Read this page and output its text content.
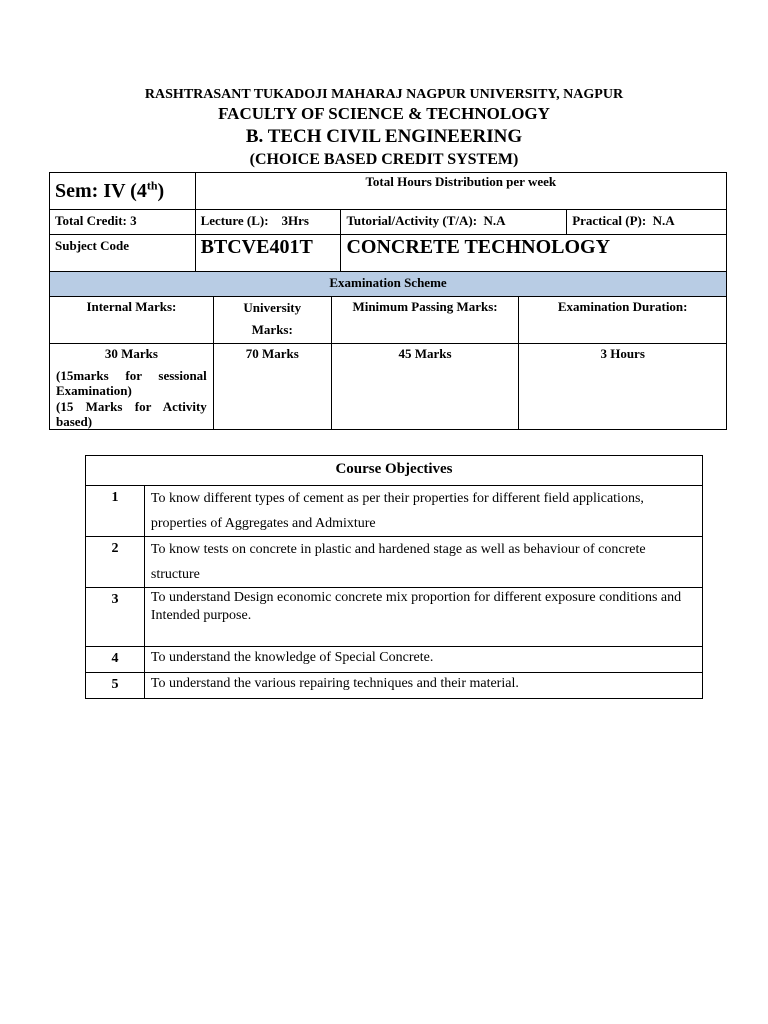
RASHTRASANT TUKADOJI MAHARAJ NAGPUR UNIVERSITY, NAGPUR
FACULTY OF SCIENCE & TECHNOLOGY
B. TECH CIVIL ENGINEERING
(CHOICE BASED CREDIT SYSTEM)
Sem: IV (4th)	Total Hours Distribution per week		
Total Credit: 3	Lecture (L):    3Hrs	Tutorial/Activity (T/A):  N.A	Practical (P):  N.A
Subject Code	BTCVE401T	CONCRETE TECHNOLOGY	
Examination Scheme			
Internal Marks:	University Marks:	Minimum Passing Marks:	Examination Duration:

30 Marks
(15marks for sessional Examination)
(15 Marks for Activity based)	70 Marks	45 Marks	3 Hours
Course Objectives	
1	To know different types of cement as per their properties for different field applications, properties of Aggregates and Admixture
2	To know tests on concrete in plastic and hardened stage as well as behaviour of concrete structure
3	To understand Design economic concrete mix proportion for different exposure conditions and
Intended purpose.

4	To understand the knowledge of Special Concrete.
5	To understand the various repairing techniques and their material.
